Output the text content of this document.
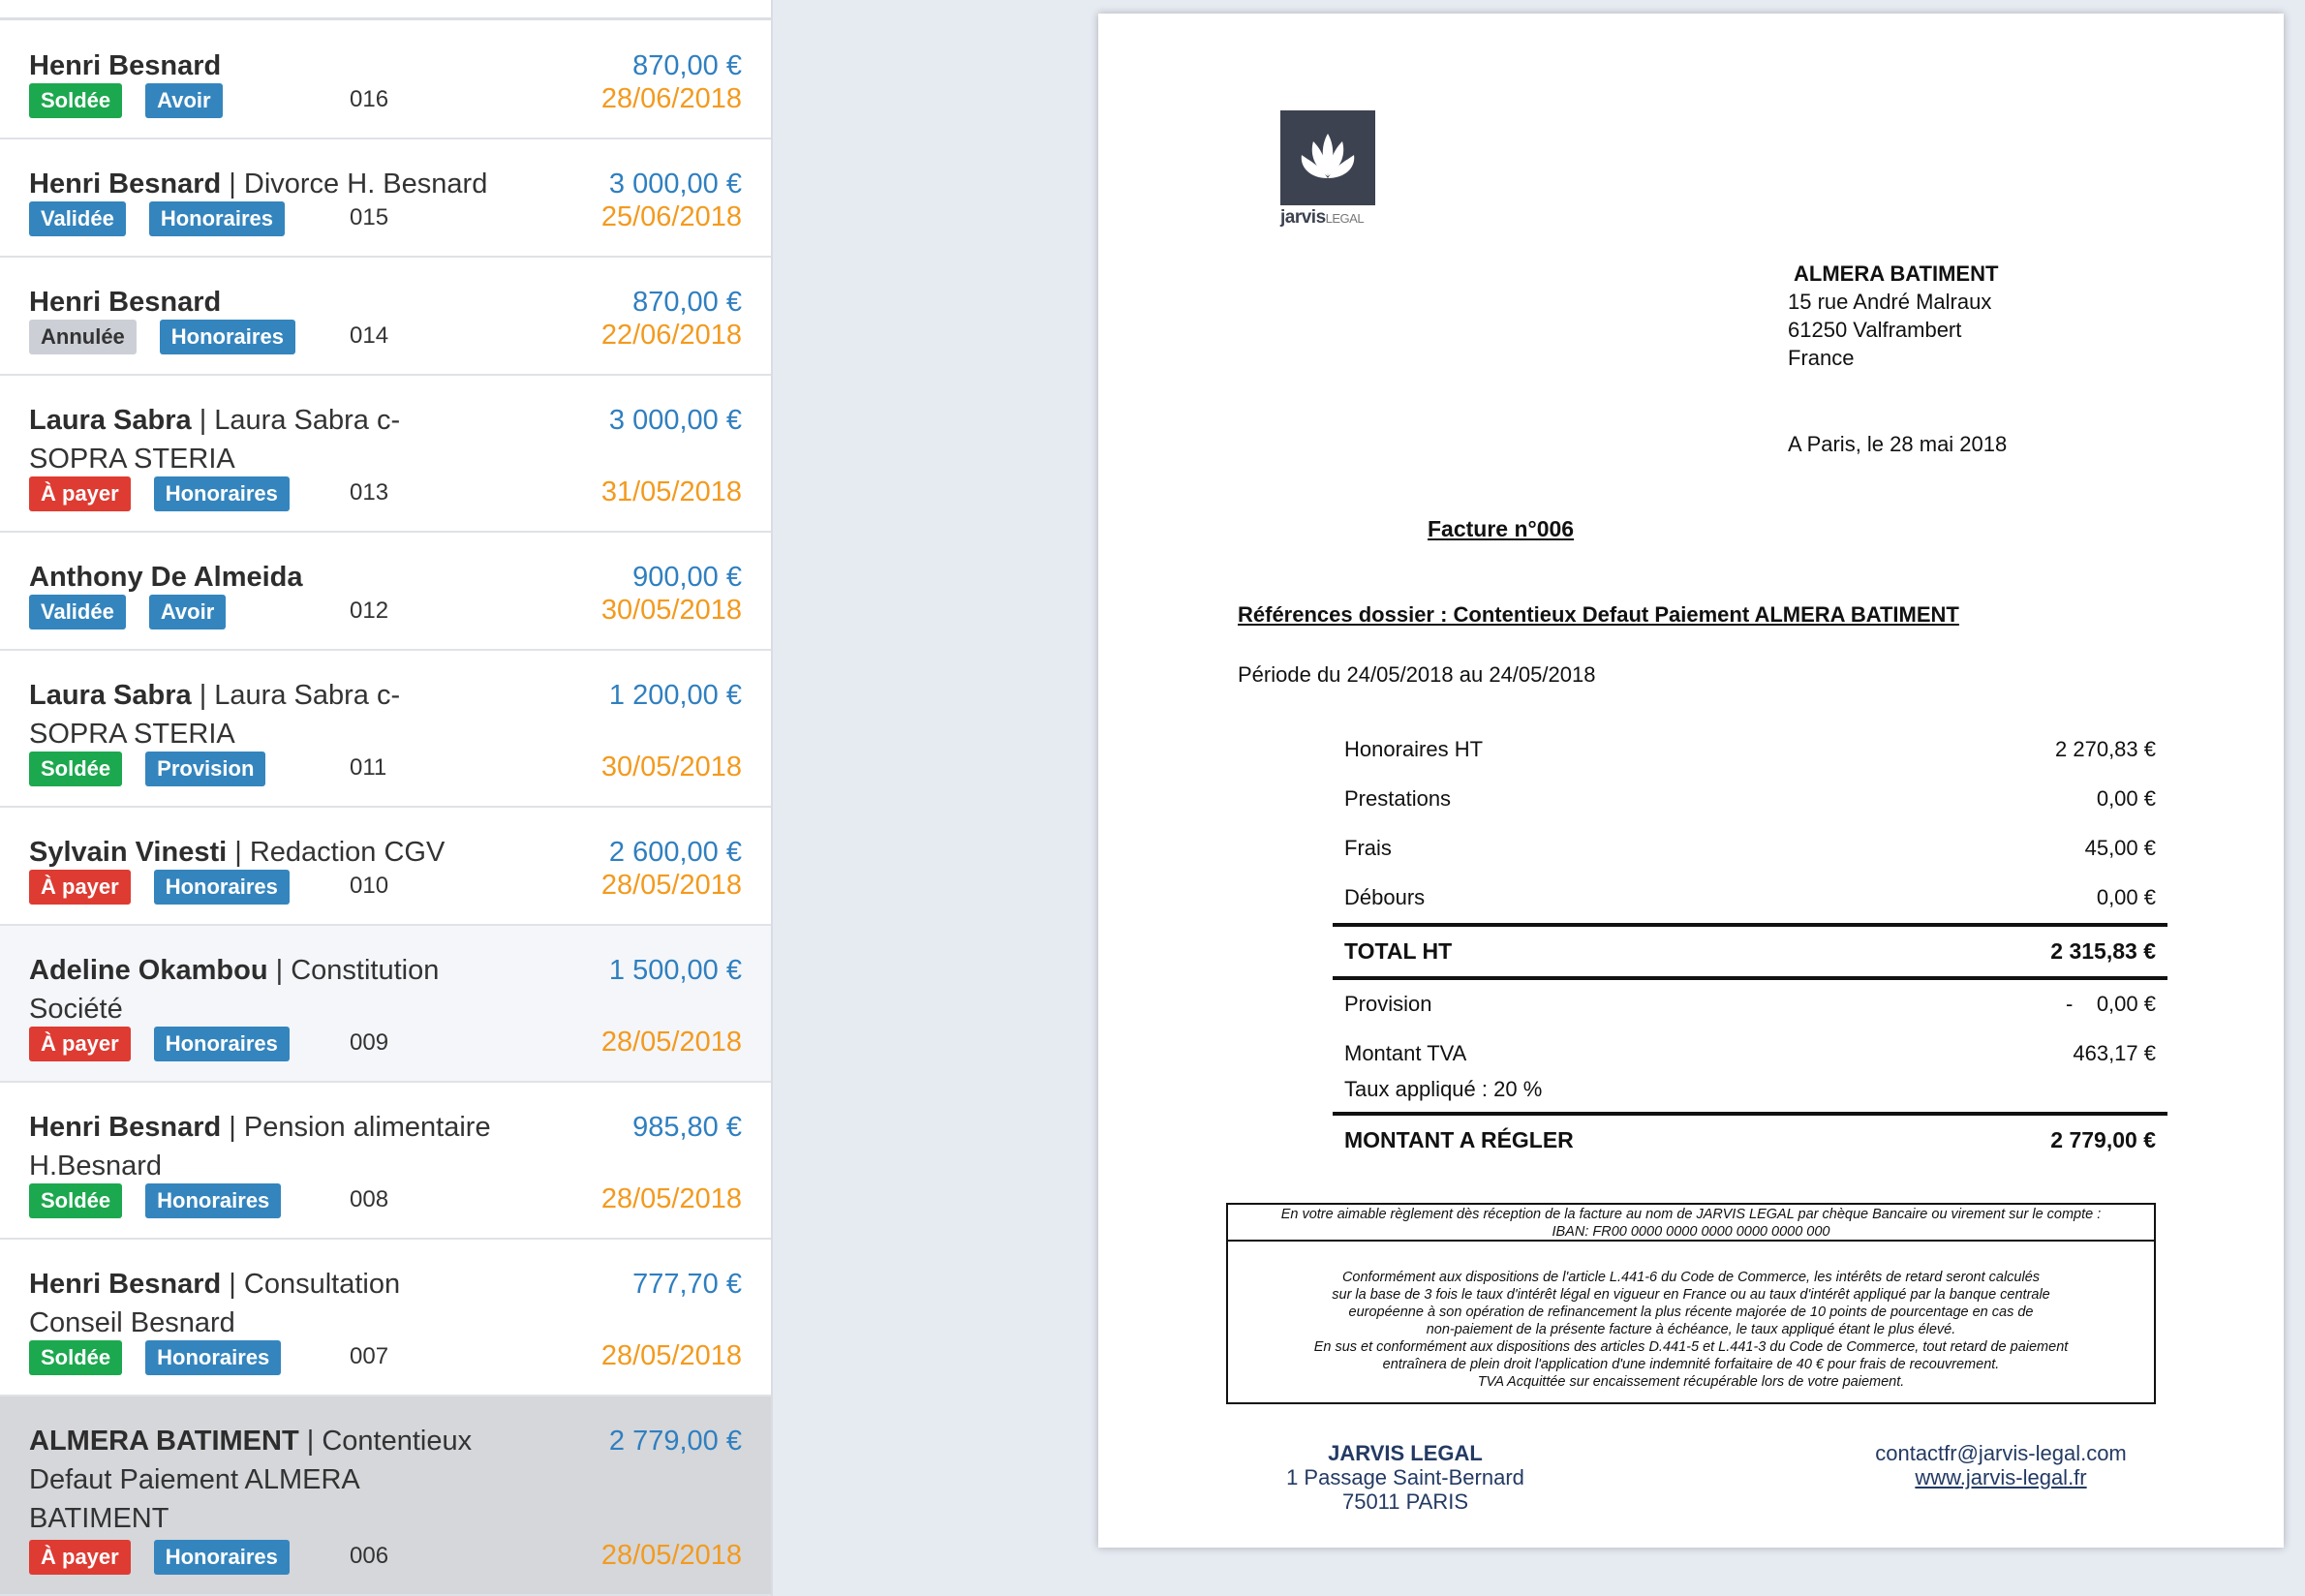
Henri Besnard	870,00 €
28/06/2018
Soldée	Avoir	016
Henri Besnard | Divorce H. Besnard	3 000,00 €
25/06/2018
Validée	Honoraires	015
Henri Besnard	870,00 €
22/06/2018
Annulée	Honoraires	014
Laura Sabra | Laura Sabra c-SOPRA STERIA
3 000,00 €
31/05/2018
À payer	Honoraires	013
Anthony De Almeida	900,00 €
30/05/2018
Validée	Avoir	012
Laura Sabra | Laura Sabra c-SOPRA STERIA
1 200,00 €
30/05/2018
Soldée	Provision	011
Sylvain Vinesti | Redaction CGV	2 600,00 €
28/05/2018
À payer	Honoraires	010
Adeline Okambou | Constitution Société
1 500,00 €
28/05/2018
À payer	Honoraires	009
Henri Besnard | Pension alimentaire H.Besnard
985,80 €
28/05/2018
Soldée	Honoraires	008
Henri Besnard | Consultation Conseil Besnard
777,70 €
28/05/2018
Soldée	Honoraires	007
ALMERA BATIMENT | Contentieux Defaut Paiement ALMERA BATIMENT
2 779,00 €
28/05/2018
À payer	Honoraires	006
jarvisLEGAL
ALMERA BATIMENT
15 rue André Malraux
61250 Valframbert
France
A Paris, le 28 mai 2018
Facture n°006
Références dossier : Contentieux Defaut Paiement ALMERA BATIMENT
Période du 24/05/2018 au 24/05/2018
Honoraires HT	2 270,83 €
Prestations	0,00 €
Frais	45,00 €
Débours	0,00 €
TOTAL HT	2 315,83 €
Provision	-    0,00 €
Montant TVA	463,17 €
Taux appliqué : 20 %
MONTANT A RÉGLER	2 779,00 €
En votre aimable règlement dès réception de la facture au nom de JARVIS LEGAL par chèque Bancaire ou virement sur le compte :
IBAN: FR00 0000 0000 0000 0000 0000 000
Conformément aux dispositions de l'article L.441-6 du Code de Commerce, les intérêts de retard seront calculés
sur la base de 3 fois le taux d'intérêt légal en vigueur en France ou au taux d'intérêt appliqué par la banque centrale
européenne à son opération de refinancement la plus récente majorée de 10 points de pourcentage en cas de
non-paiement de la présente facture à échéance, le taux appliqué étant le plus élevé.
En sus et conformément aux dispositions des articles D.441-5 et L.441-3 du Code de Commerce, tout retard de paiement
entraînera de plein droit l'application d'une indemnité forfaitaire de 40 € pour frais de recouvrement.
TVA Acquittée sur encaissement récupérable lors de votre paiement.
JARVIS LEGAL
1 Passage Saint-Bernard
75011 PARIS
contactfr@jarvis-legal.com
www.jarvis-legal.fr
